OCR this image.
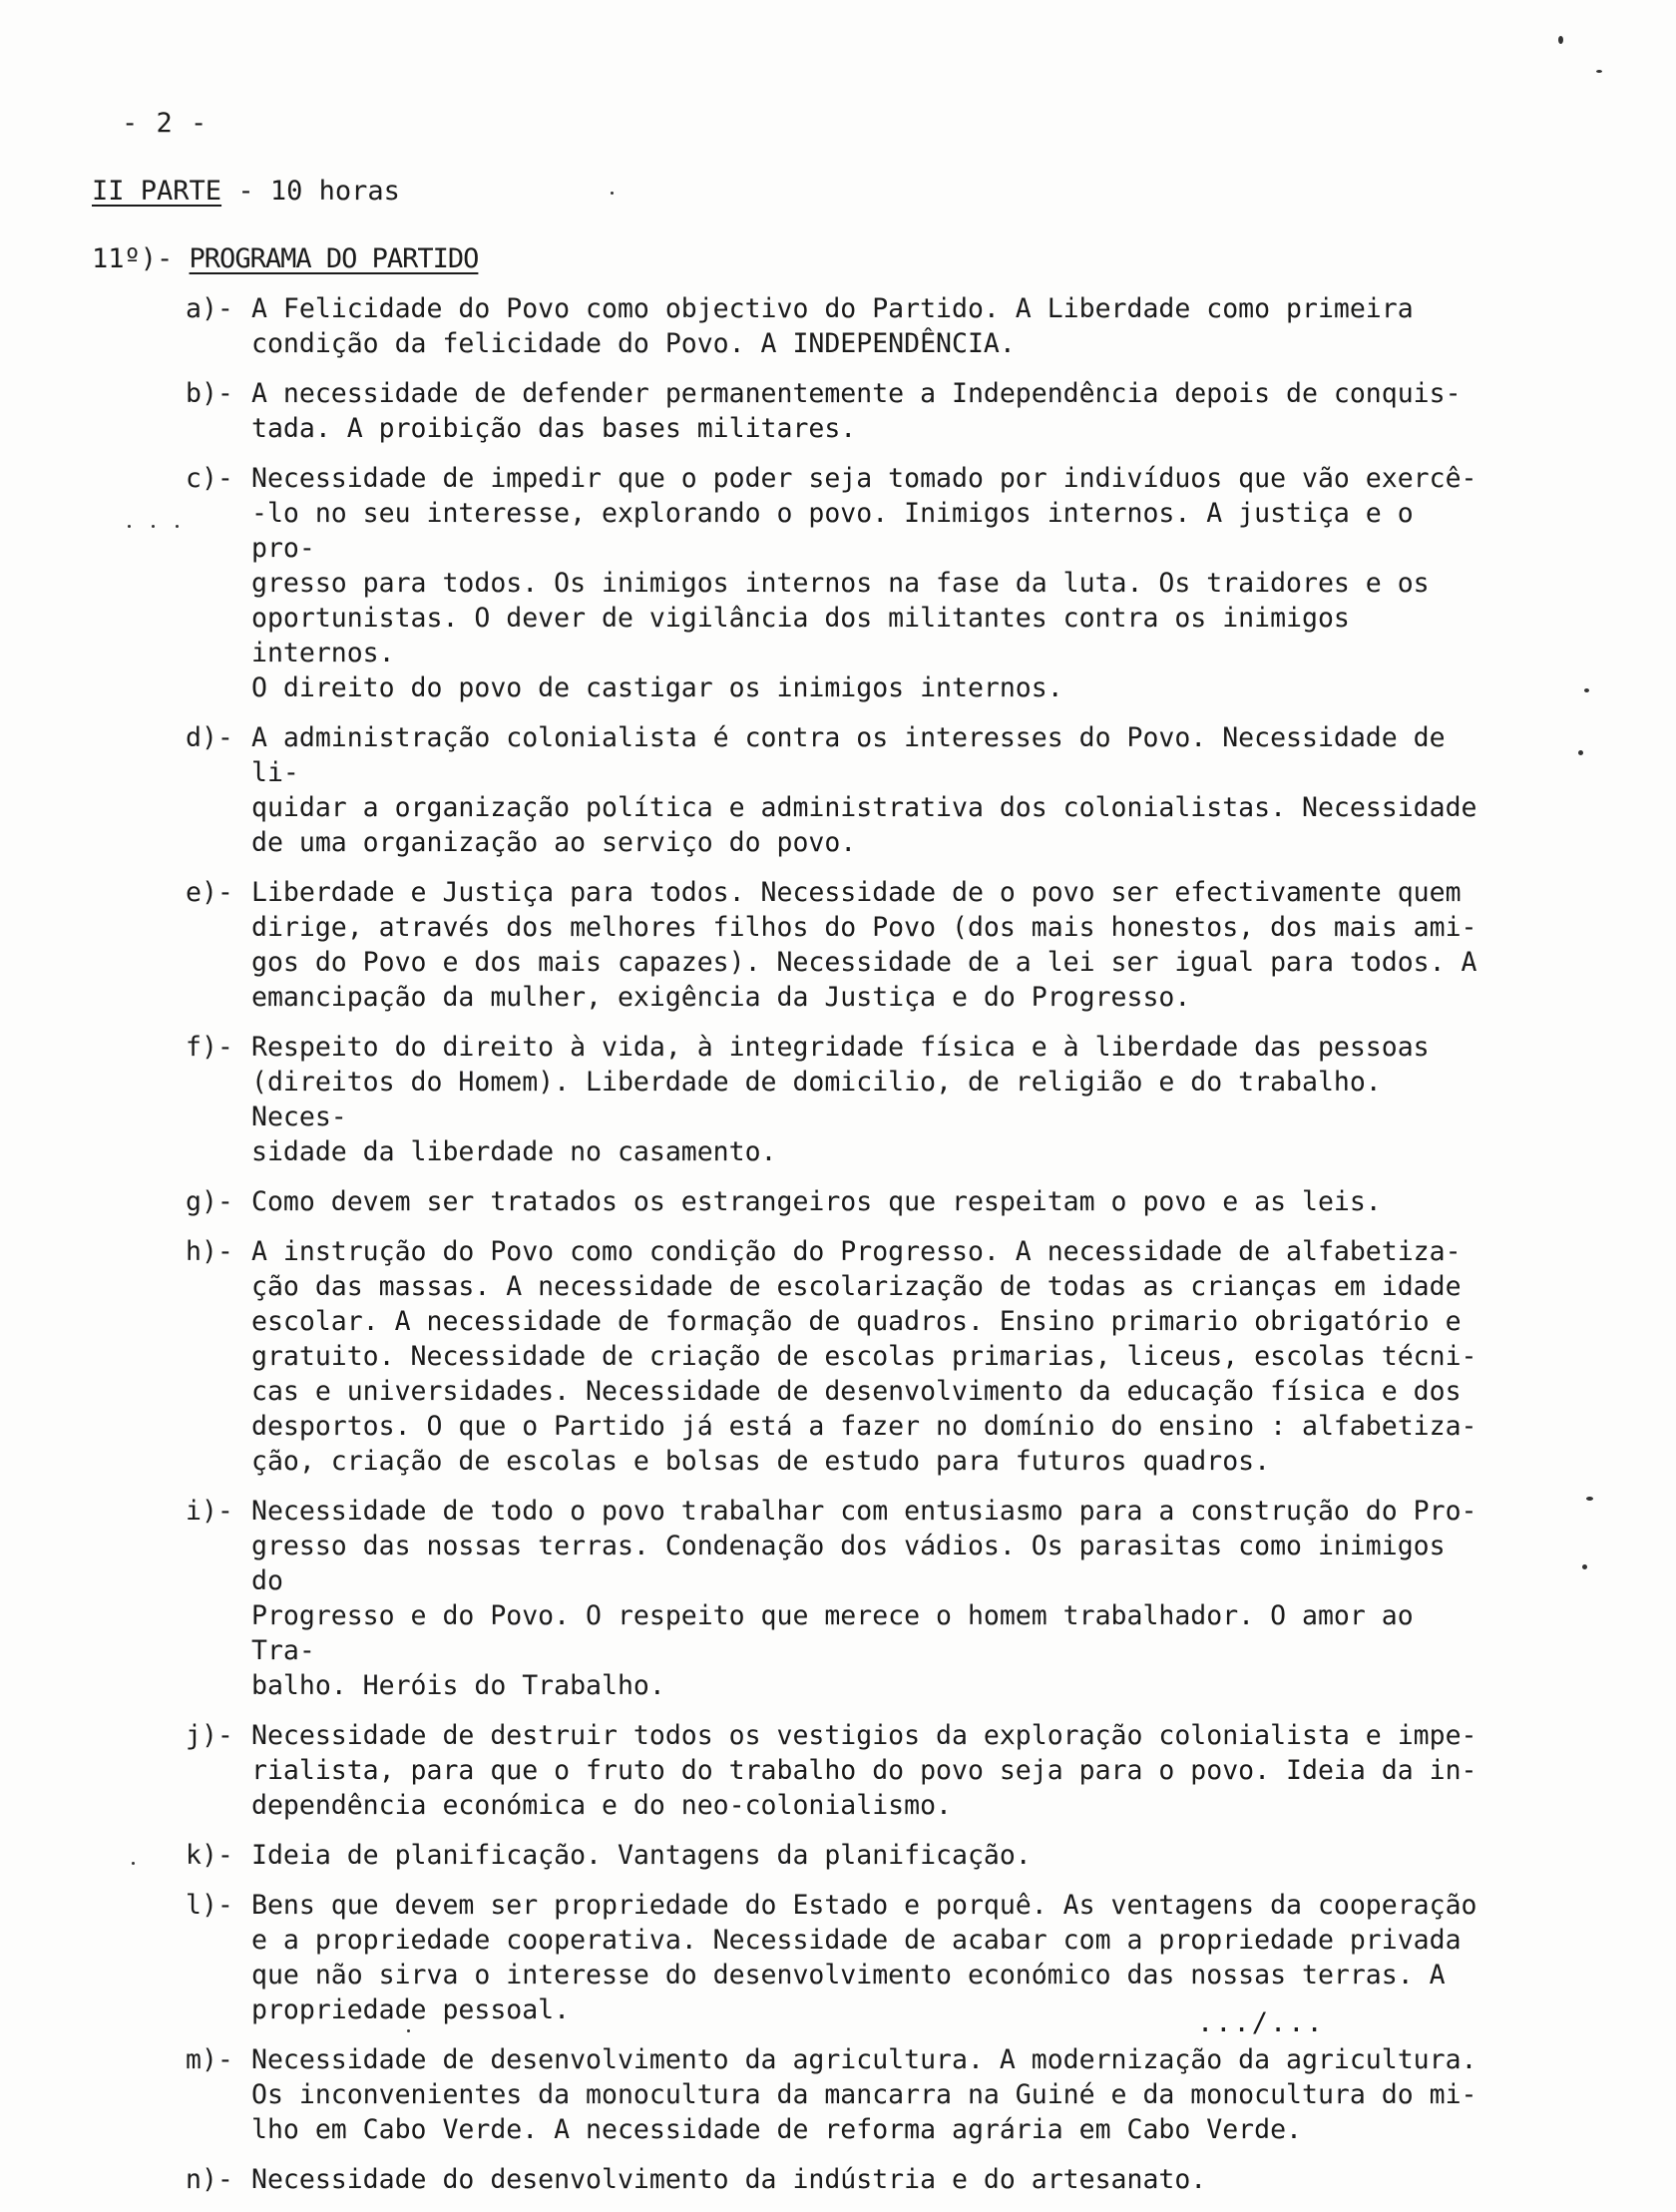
- 2 -
II PARTE - 10 horas
11º)- PROGRAMA DO PARTIDO
a)- A Felicidade do Povo como objectivo do Partido. A Liberdade como primeira
condição da felicidade do Povo. A INDEPENDÊNCIA.
b)- A necessidade de defender permanentemente a Independência depois de conquis-
tada. A proibição das bases militares.
c)- Necessidade de impedir que o poder seja tomado por indivíduos que vão exercê-
-lo no seu interesse, explorando o povo. Inimigos internos. A justiça e o pro-
gresso para todos. Os inimigos internos na fase da luta. Os traidores e os
oportunistas. O dever de vigilância dos militantes contra os inimigos internos.
O direito do povo de castigar os inimigos internos.
d)- A administração colonialista é contra os interesses do Povo. Necessidade de li-
quidar a organização política e administrativa dos colonialistas. Necessidade
de uma organização ao serviço do povo.
e)- Liberdade e Justiça para todos. Necessidade de o povo ser efectivamente quem
dirige, através dos melhores filhos do Povo (dos mais honestos, dos mais ami-
gos do Povo e dos mais capazes). Necessidade de a lei ser igual para todos. A
emancipação da mulher, exigência da Justiça e do Progresso.
f)- Respeito do direito à vida, à integridade física e à liberdade das pessoas
(direitos do Homem). Liberdade de domicilio, de religião e do trabalho. Neces-
sidade da liberdade no casamento.
g)- Como devem ser tratados os estrangeiros que respeitam o povo e as leis.
h)- A instrução do Povo como condição do Progresso. A necessidade de alfabetiza-
ção das massas. A necessidade de escolarização de todas as crianças em idade
escolar. A necessidade de formação de quadros. Ensino primario obrigatório e
gratuito. Necessidade de criação de escolas primarias, liceus, escolas técni-
cas e universidades. Necessidade de desenvolvimento da educação física e dos
desportos. O que o Partido já está a fazer no domínio do ensino : alfabetiza-
ção, criação de escolas e bolsas de estudo para futuros quadros.
i)- Necessidade de todo o povo trabalhar com entusiasmo para a construção do Pro-
gresso das nossas terras. Condenação dos vádios. Os parasitas como inimigos do
Progresso e do Povo. O respeito que merece o homem trabalhador. O amor ao Tra-
balho. Heróis do Trabalho.
j)- Necessidade de destruir todos os vestigios da exploração colonialista e impe-
rialista, para que o fruto do trabalho do povo seja para o povo. Ideia da in-
dependência económica e do neo-colonialismo.
k)- Ideia de planificação. Vantagens da planificação.
l)- Bens que devem ser propriedade do Estado e porquê. As ventagens da cooperação
e a propriedade cooperativa. Necessidade de acabar com a propriedade privada
que não sirva o interesse do desenvolvimento económico das nossas terras. A
propriedade pessoal.
m)- Necessidade de desenvolvimento da agricultura. A modernização da agricultura.
Os inconvenientes da monocultura da mancarra na Guiné e da monocultura do mi-
lho em Cabo Verde. A necessidade de reforma agrária em Cabo Verde.
n)- Necessidade do desenvolvimento da indústria e do artesanato.
.../...
